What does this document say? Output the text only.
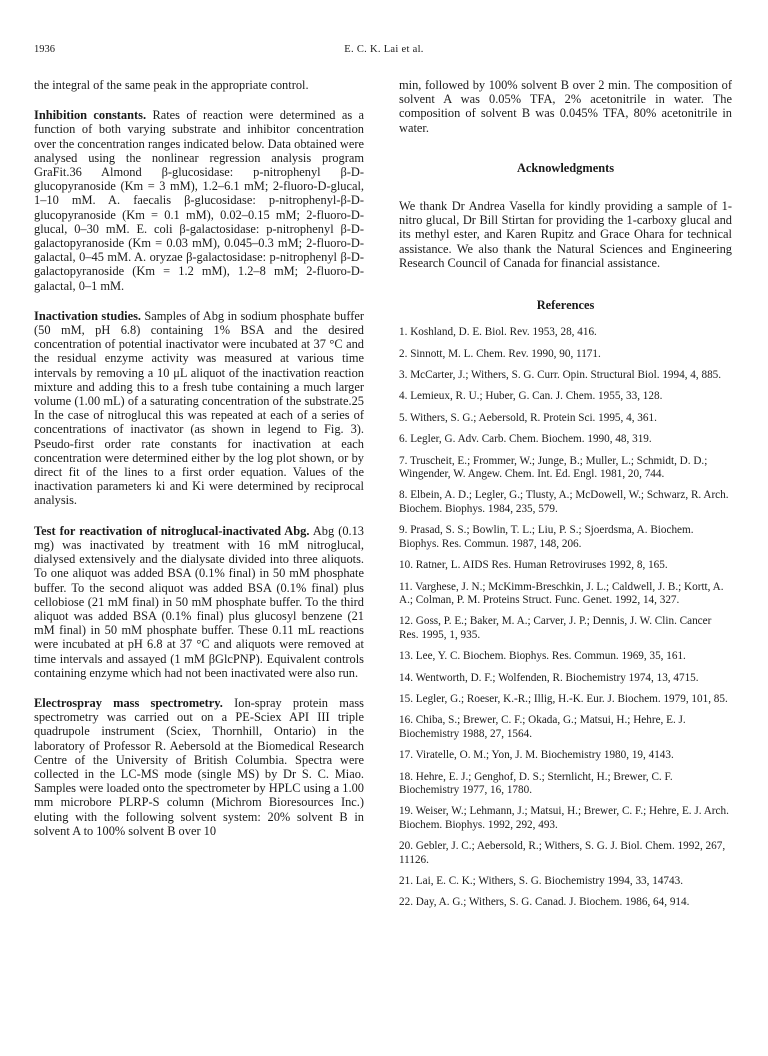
1936	E. C. K. Lai et al.

the integral of the same peak in the appropriate control.

Inhibition constants. Rates of reaction were determined as a function of both varying substrate and inhibitor concentration over the concentration ranges indicated below. Data obtained were analysed using the nonlinear regression analysis program GraFit.36 Almond β-glucosidase: p-nitrophenyl β-D-glucopyranoside (Km = 3 mM), 1.2–6.1 mM; 2-fluoro-D-glucal, 1–10 mM. A. faecalis β-glucosidase: p-nitrophenyl-β-D-glucopyranoside (Km = 0.1 mM), 0.02–0.15 mM; 2-fluoro-D-glucal, 0–30 mM. E. coli β-galactosidase: p-nitrophenyl β-D-galactopyranoside (Km = 0.03 mM), 0.045–0.3 mM; 2-fluoro-D-galactal, 0–45 mM. A. oryzae β-galactosidase: p-nitrophenyl β-D-galactopyranoside (Km = 1.2 mM), 1.2–8 mM; 2-fluoro-D-galactal, 0–1 mM.

Inactivation studies. Samples of Abg in sodium phosphate buffer (50 mM, pH 6.8) containing 1% BSA and the desired concentration of potential inactivator were incubated at 37 °C and the residual enzyme activity was measured at various time intervals by removing a 10 μL aliquot of the inactivation reaction mixture and adding this to a fresh tube containing a much larger volume (1.00 mL) of a saturating concentration of the substrate.25 In the case of nitroglucal this was repeated at each of a series of concentrations of inactivator (as shown in legend to Fig. 3). Pseudo-first order rate constants for inactivation at each concentration were determined either by the log plot shown, or by direct fit of the lines to a first order equation. Values of the inactivation parameters ki and Ki were determined by reciprocal analysis.

Test for reactivation of nitroglucal-inactivated Abg. Abg (0.13 mg) was inactivated by treatment with 16 mM nitroglucal, dialysed extensively and the dialysate divided into three aliquots. To one aliquot was added BSA (0.1% final) in 50 mM phosphate buffer. To the second aliquot was added BSA (0.1% final) plus cellobiose (21 mM final) in 50 mM phosphate buffer. To the third aliquot was added BSA (0.1% final) plus glucosyl benzene (21 mM final) in 50 mM phosphate buffer. These 0.11 mL reactions were incubated at pH 6.8 at 37 °C and aliquots were removed at time intervals and assayed (1 mM βGlcPNP). Equivalent controls containing enzyme which had not been inactivated were also run.

Electrospray mass spectrometry. Ion-spray protein mass spectrometry was carried out on a PE-Sciex API III triple quadrupole instrument (Sciex, Thornhill, Ontario) in the laboratory of Professor R. Aebersold at the Biomedical Research Centre of the University of British Columbia. Spectra were collected in the LC-MS mode (single MS) by Dr S. C. Miao. Samples were loaded onto the spectrometer by HPLC using a 1.00 mm microbore PLRP-S column (Michrom Bioresources Inc.) eluting with the following solvent system: 20% solvent B in solvent A to 100% solvent B over 10

min, followed by 100% solvent B over 2 min. The composition of solvent A was 0.05% TFA, 2% acetonitrile in water. The composition of solvent B was 0.045% TFA, 80% acetonitrile in water.

Acknowledgments

We thank Dr Andrea Vasella for kindly providing a sample of 1-nitro glucal, Dr Bill Stirtan for providing the 1-carboxy glucal and its methyl ester, and Karen Rupitz and Grace Ohara for technical assistance. We also thank the Natural Sciences and Engineering Research Council of Canada for financial assistance.

References
1. Koshland, D. E. Biol. Rev. 1953, 28, 416.
2. Sinnott, M. L. Chem. Rev. 1990, 90, 1171.
3. McCarter, J.; Withers, S. G. Curr. Opin. Structural Biol. 1994, 4, 885.
4. Lemieux, R. U.; Huber, G. Can. J. Chem. 1955, 33, 128.
5. Withers, S. G.; Aebersold, R. Protein Sci. 1995, 4, 361.
6. Legler, G. Adv. Carb. Chem. Biochem. 1990, 48, 319.
7. Truscheit, E.; Frommer, W.; Junge, B.; Muller, L.; Schmidt, D. D.; Wingender, W. Angew. Chem. Int. Ed. Engl. 1981, 20, 744.
8. Elbein, A. D.; Legler, G.; Tlusty, A.; McDowell, W.; Schwarz, R. Arch. Biochem. Biophys. 1984, 235, 579.
9. Prasad, S. S.; Bowlin, T. L.; Liu, P. S.; Sjoerdsma, A. Biochem. Biophys. Res. Commun. 1987, 148, 206.
10. Ratner, L. AIDS Res. Human Retroviruses 1992, 8, 165.
11. Varghese, J. N.; McKimm-Breschkin, J. L.; Caldwell, J. B.; Kortt, A. A.; Colman, P. M. Proteins Struct. Func. Genet. 1992, 14, 327.
12. Goss, P. E.; Baker, M. A.; Carver, J. P.; Dennis, J. W. Clin. Cancer Res. 1995, 1, 935.
13. Lee, Y. C. Biochem. Biophys. Res. Commun. 1969, 35, 161.
14. Wentworth, D. F.; Wolfenden, R. Biochemistry 1974, 13, 4715.
15. Legler, G.; Roeser, K.-R.; Illig, H.-K. Eur. J. Biochem. 1979, 101, 85.
16. Chiba, S.; Brewer, C. F.; Okada, G.; Matsui, H.; Hehre, E. J. Biochemistry 1988, 27, 1564.
17. Viratelle, O. M.; Yon, J. M. Biochemistry 1980, 19, 4143.
18. Hehre, E. J.; Genghof, D. S.; Sternlicht, H.; Brewer, C. F. Biochemistry 1977, 16, 1780.
19. Weiser, W.; Lehmann, J.; Matsui, H.; Brewer, C. F.; Hehre, E. J. Arch. Biochem. Biophys. 1992, 292, 493.
20. Gebler, J. C.; Aebersold, R.; Withers, S. G. J. Biol. Chem. 1992, 267, 11126.
21. Lai, E. C. K.; Withers, S. G. Biochemistry 1994, 33, 14743.
22. Day, A. G.; Withers, S. G. Canad. J. Biochem. 1986, 64, 914.
